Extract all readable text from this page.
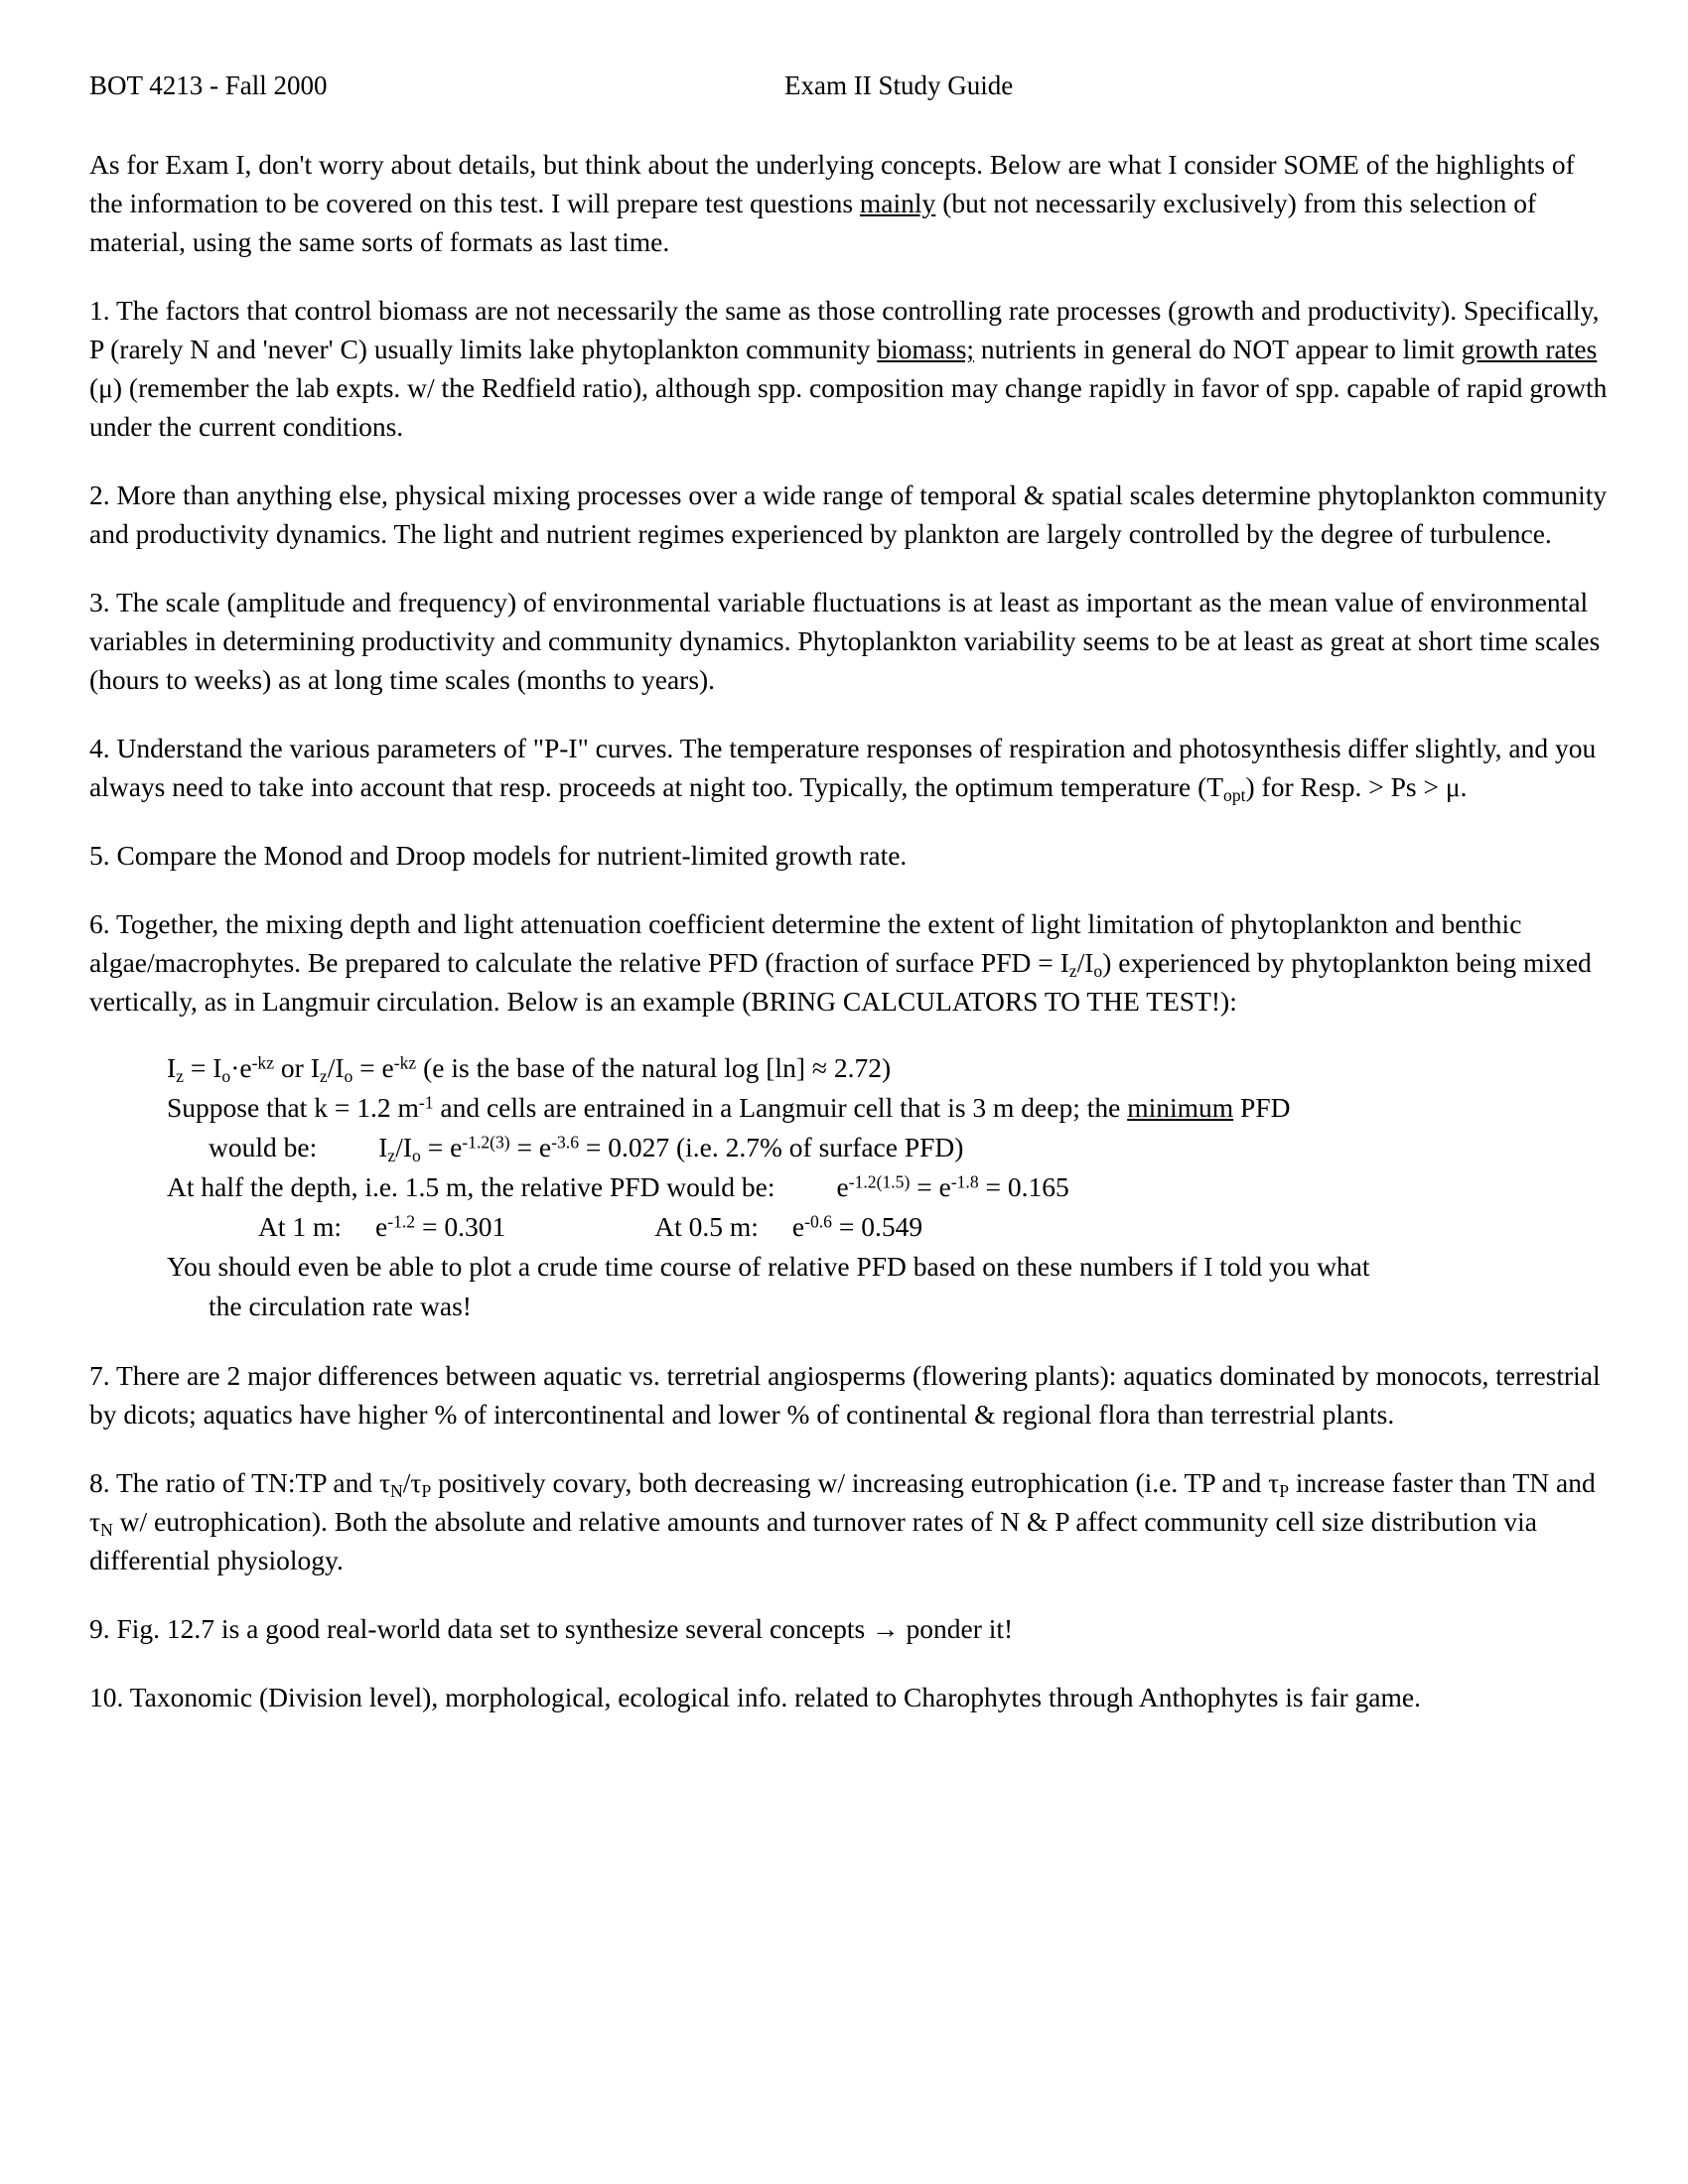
BOT 4213 - Fall 2000	Exam II Study Guide

As for Exam I, don't worry about details, but think about the underlying concepts. Below are what I consider SOME of the highlights of the information to be covered on this test. I will prepare test questions mainly (but not necessarily exclusively) from this selection of material, using the same sorts of formats as last time.

1. The factors that control biomass are not necessarily the same as those controlling rate processes (growth and productivity). Specifically, P (rarely N and 'never' C) usually limits lake phytoplankton community biomass; nutrients in general do NOT appear to limit growth rates (μ) (remember the lab expts. w/ the Redfield ratio), although spp. composition may change rapidly in favor of spp. capable of rapid growth under the current conditions.

2. More than anything else, physical mixing processes over a wide range of temporal & spatial scales determine phytoplankton community and productivity dynamics. The light and nutrient regimes experienced by plankton are largely controlled by the degree of turbulence.

3. The scale (amplitude and frequency) of environmental variable fluctuations is at least as important as the mean value of environmental variables in determining productivity and community dynamics. Phytoplankton variability seems to be at least as great at short time scales (hours to weeks) as at long time scales (months to years).

4. Understand the various parameters of "P-I" curves. The temperature responses of respiration and photosynthesis differ slightly, and you always need to take into account that resp. proceeds at night too. Typically, the optimum temperature $(T_{opt})$ for Resp. > Ps > μ.

5. Compare the Monod and Droop models for nutrient-limited growth rate.

6. Together, the mixing depth and light attenuation coefficient determine the extent of light limitation of phytoplankton and benthic algae/macrophytes. Be prepared to calculate the relative PFD (fraction of surface PFD = $I_z/I_o$) experienced by phytoplankton being mixed vertically, as in Langmuir circulation. Below is an example (BRING CALCULATORS TO THE TEST!):

$I_z = I_o\cdot e^{-kz}$ or $I_z/I_o = e^{-kz}$ (e is the base of the natural log [ln] ≈ 2.72)
Suppose that k = 1.2 $m^{-1}$ and cells are entrained in a Langmuir cell that is 3 m deep; the minimum PFD
would be: $I_z/I_o = e^{-1.2(3)} = e^{-3.6} = 0.027$ (i.e. 2.7% of surface PFD)
At half the depth, i.e. 1.5 m, the relative PFD would be: $e^{-1.2(1.5)} = e^{-1.8} = 0.165$
At 1 m: $e^{-1.2} = 0.301$	At 0.5 m: $e^{-0.6} = 0.549$
You should even be able to plot a crude time course of relative PFD based on these numbers if I told you what
the circulation rate was!

7. There are 2 major differences between aquatic vs. terretrial angiosperms (flowering plants): aquatics dominated by monocots, terrestrial by dicots; aquatics have higher % of intercontinental and lower % of continental & regional flora than terrestrial plants.

8. The ratio of TN:TP and $\tau_N/\tau_P$ positively covary, both decreasing w/ increasing eutrophication (i.e. TP and $\tau_P$ increase faster than TN and $\tau_N$ w/ eutrophication). Both the absolute and relative amounts and turnover rates of N & P affect community cell size distribution via differential physiology.

9. Fig. 12.7 is a good real-world data set to synthesize several concepts → ponder it!

10. Taxonomic (Division level), morphological, ecological info. related to Charophytes through Anthophytes is fair game.
